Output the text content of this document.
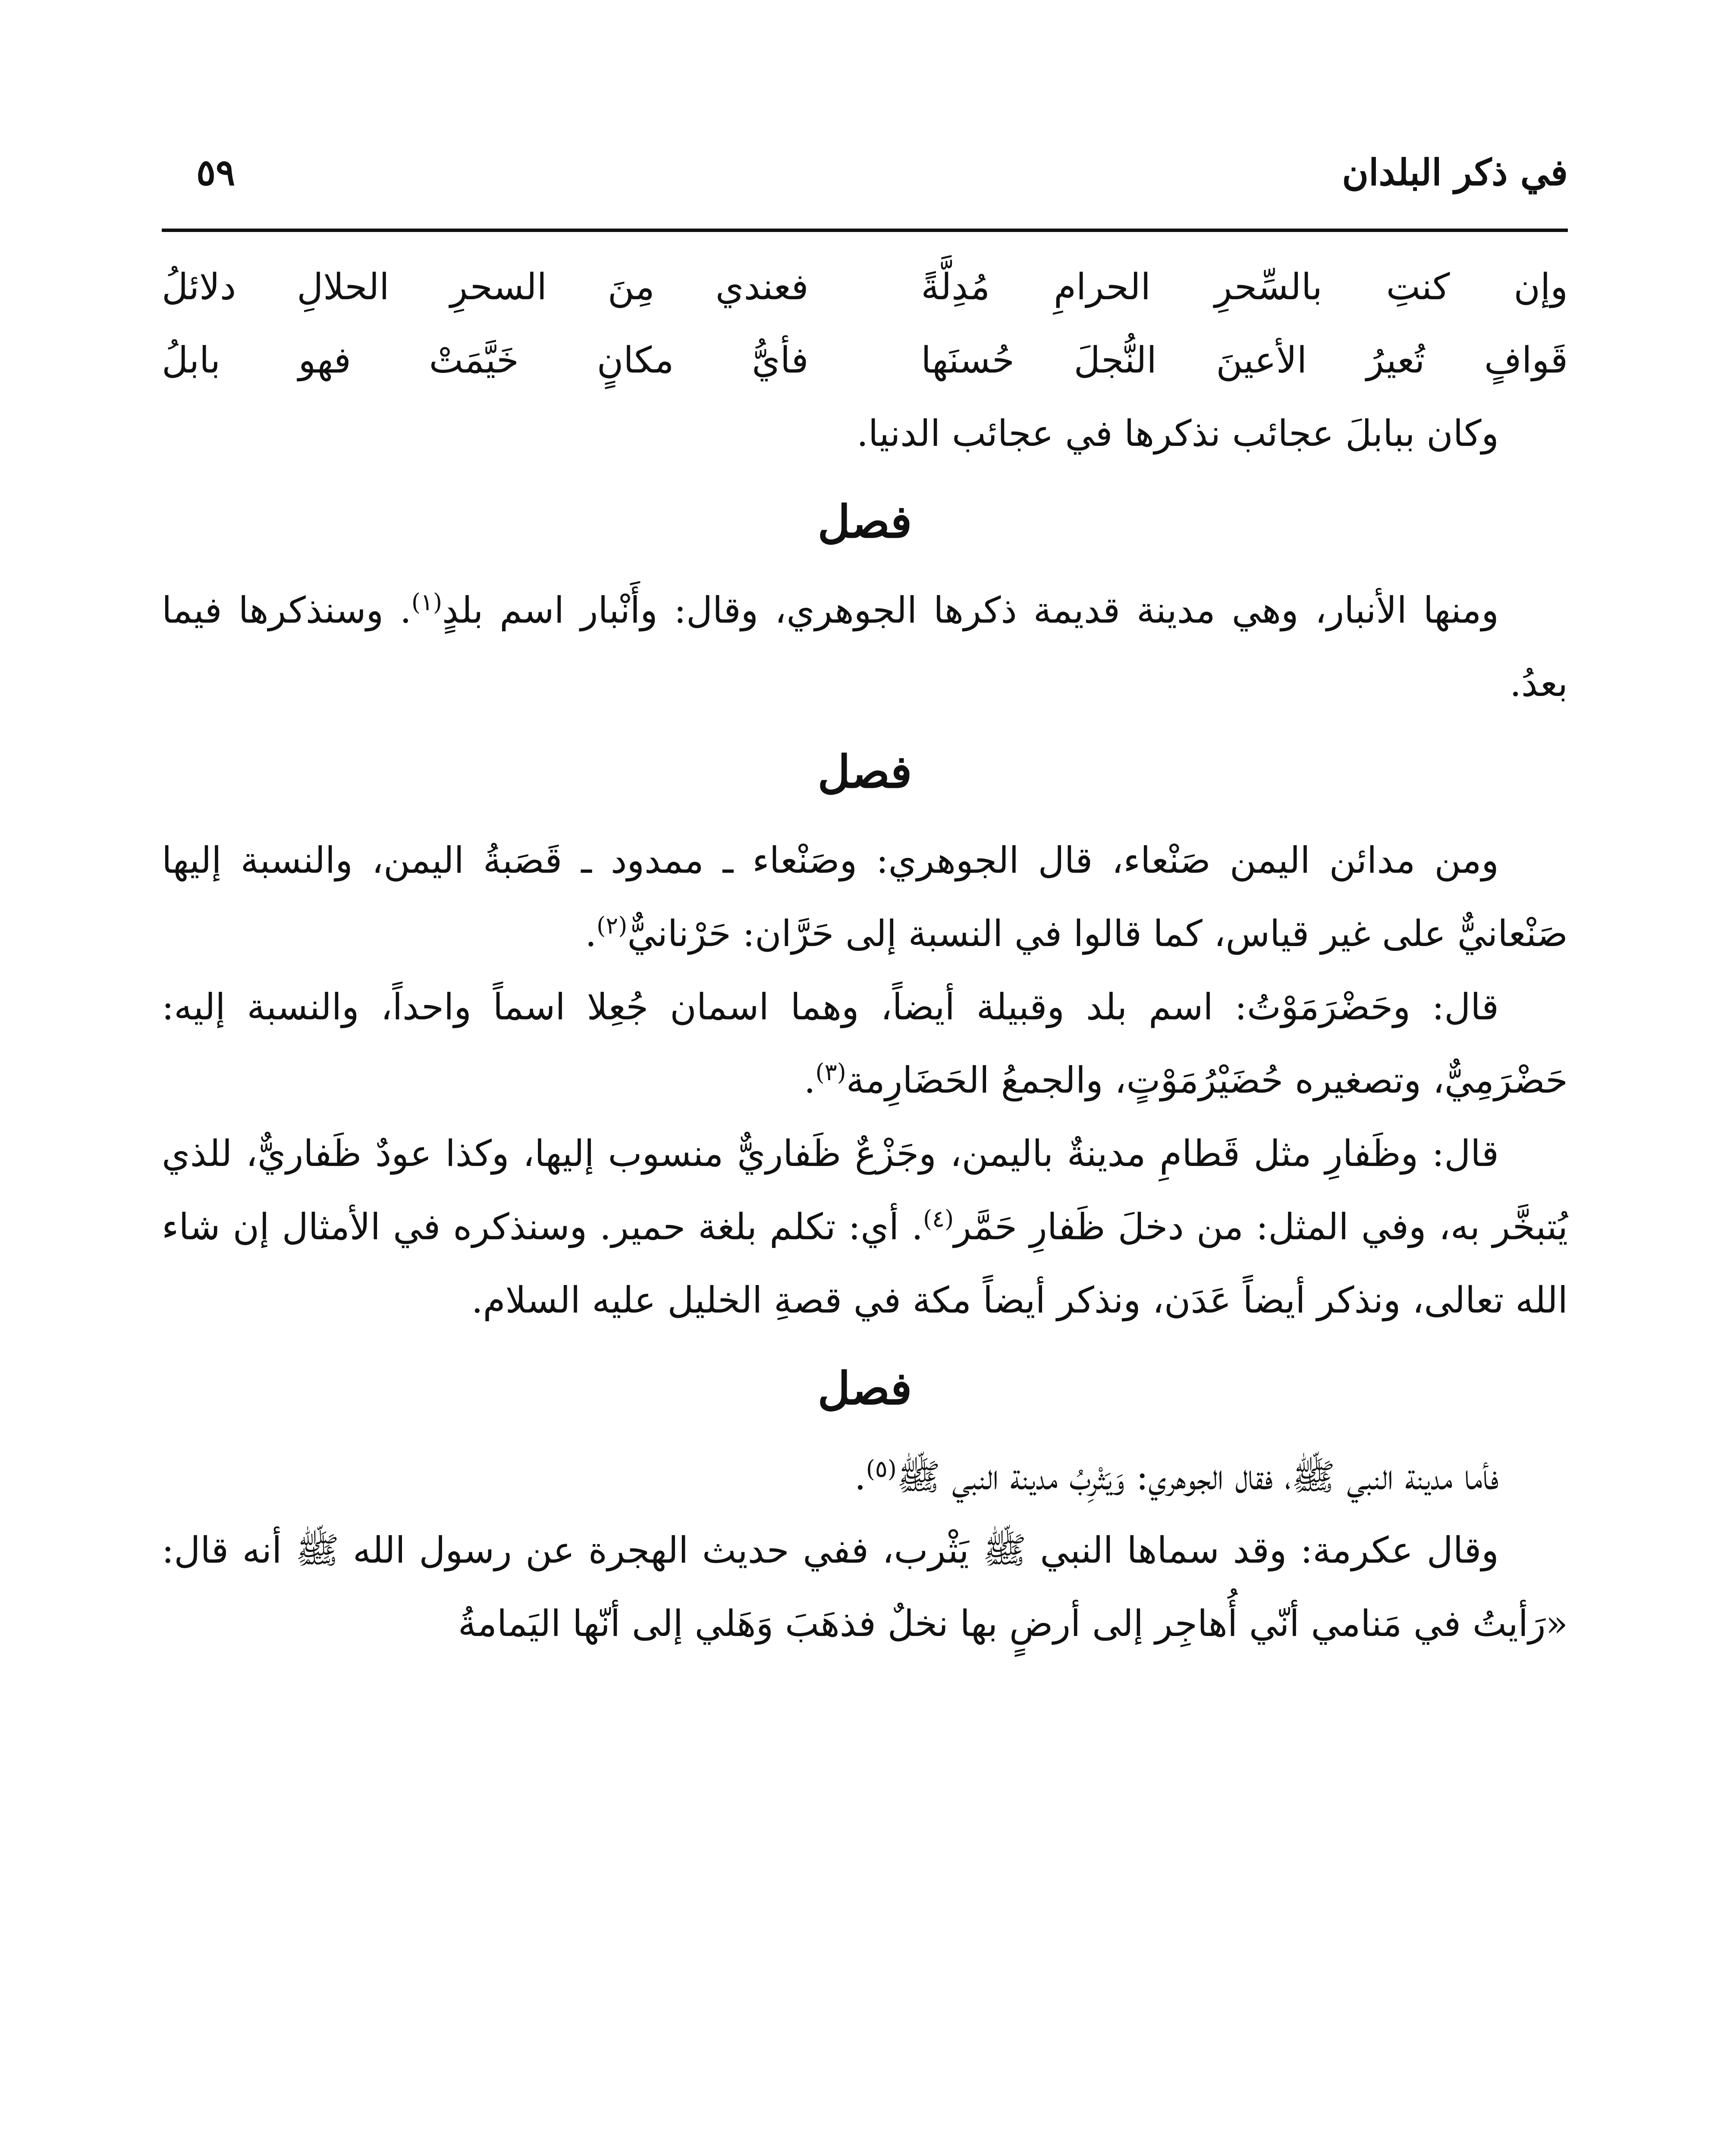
في ذكر البلدان
٥٩
وإن كنتِ بالسِّحرِ الحرامِ مُدِلَّةً
فعندي مِنَ السحرِ الحلالِ دلائلُ
قَوافٍ تُعيرُ الأعينَ النُّجلَ حُسنَها
فأيُّ مكانٍ خَيَّمَتْ فهو بابلُ

وكان ببابلَ عجائب نذكرها في عجائب الدنيا.

فصل

ومنها الأنبار، وهي مدينة قديمة ذكرها الجوهري، وقال: وأَنْبار اسم بلدٍ$^{(١)}$. وسنذكرها فيما بعدُ.

فصل

ومن مدائن اليمن صَنْعاء، قال الجوهري: وصَنْعاء ـ ممدود ـ قَصَبةُ اليمن، والنسبة إليها صَنْعانيٌّ على غير قياس، كما قالوا في النسبة إلى حَرَّان: حَرْنانيٌّ$^{(٢)}$.

قال: وحَضْرَمَوْتُ: اسم بلد وقبيلة أيضاً، وهما اسمان جُعِلا اسماً واحداً، والنسبة إليه: حَضْرَمِيٌّ، وتصغيره حُضَيْرُمَوْتٍ، والجمعُ الحَضَارِمة$^{(٣)}$.

قال: وظَفارِ مثل قَطامِ مدينةٌ باليمن، وجَزْعٌ ظَفاريٌّ منسوب إليها، وكذا عودٌ ظَفاريٌّ، للذي يُتبخَّر به، وفي المثل: من دخلَ ظَفارِ حَمَّر$^{(٤)}$. أي: تكلم بلغة حمير. وسنذكره في الأمثال إن شاء الله تعالى، ونذكر أيضاً عَدَن، ونذكر أيضاً مكة في قصةِ الخليل عليه السلام.

فصل

فأما مدينة النبي ﷺ، فقال الجوهري: وَيَثْرِبُ مدينة النبي ﷺ$^{(٥)}$.

وقال عكرمة: وقد سماها النبي ﷺ يَثْرب، ففي حديث الهجرة عن رسول الله ﷺ أنه قال: «رَأيتُ في مَنامي أنّي أُهاجِر إلى أرضٍ بها نخلٌ فذهَبَ وَهَلي إلى أنّها اليَمامةُ
